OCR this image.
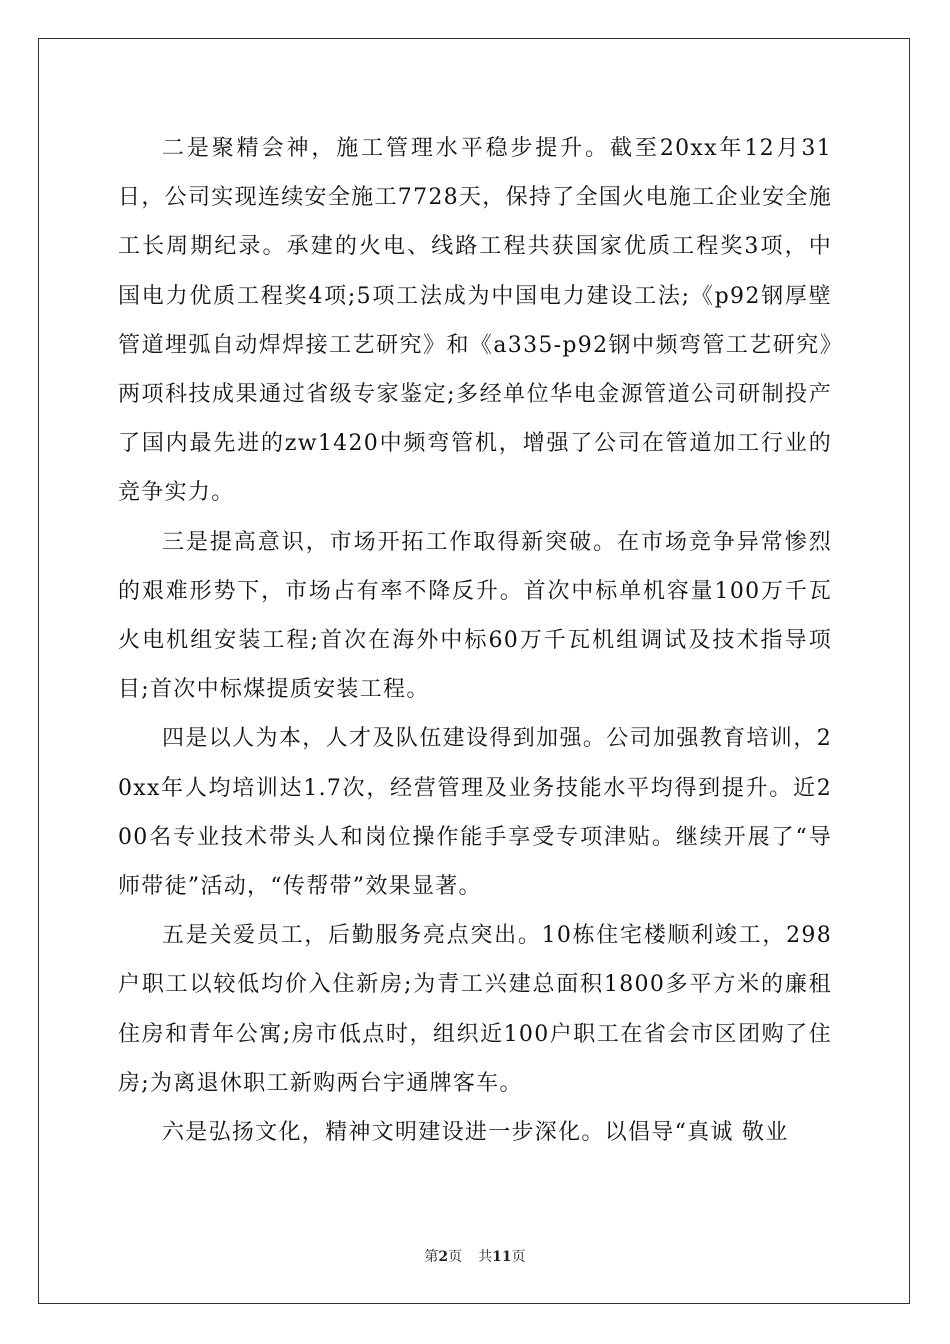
二是聚精会神，施工管理水平稳步提升。截至20xx年12月31日，公司实现连续安全施工7728天，保持了全国火电施工企业安全施工长周期纪录。承建的火电、线路工程共获国家优质工程奖3项，中国电力优质工程奖4项;5项工法成为中国电力建设工法;《p92钢厚壁管道埋弧自动焊焊接工艺研究》和《a335-p92钢中频弯管工艺研究》两项科技成果通过省级专家鉴定;多经单位华电金源管道公司研制投产了国内最先进的zw1420中频弯管机，增强了公司在管道加工行业的竞争实力。

三是提高意识，市场开拓工作取得新突破。在市场竞争异常惨烈的艰难形势下，市场占有率不降反升。首次中标单机容量100万千瓦火电机组安装工程;首次在海外中标60万千瓦机组调试及技术指导项目;首次中标煤提质安装工程。

四是以人为本，人才及队伍建设得到加强。公司加强教育培训，20xx年人均培训达1.7次，经营管理及业务技能水平均得到提升。近200名专业技术带头人和岗位操作能手享受专项津贴。继续开展了“导师带徒”活动，“传帮带”效果显著。

五是关爱员工，后勤服务亮点突出。10栋住宅楼顺利竣工，298户职工以较低均价入住新房;为青工兴建总面积1800多平方米的廉租住房和青年公寓;房市低点时，组织近100户职工在省会市区团购了住房;为离退休职工新购两台宇通牌客车。

六是弘扬文化，精神文明建设进一步深化。以倡导“真诚 敬业

第2页 共11页
